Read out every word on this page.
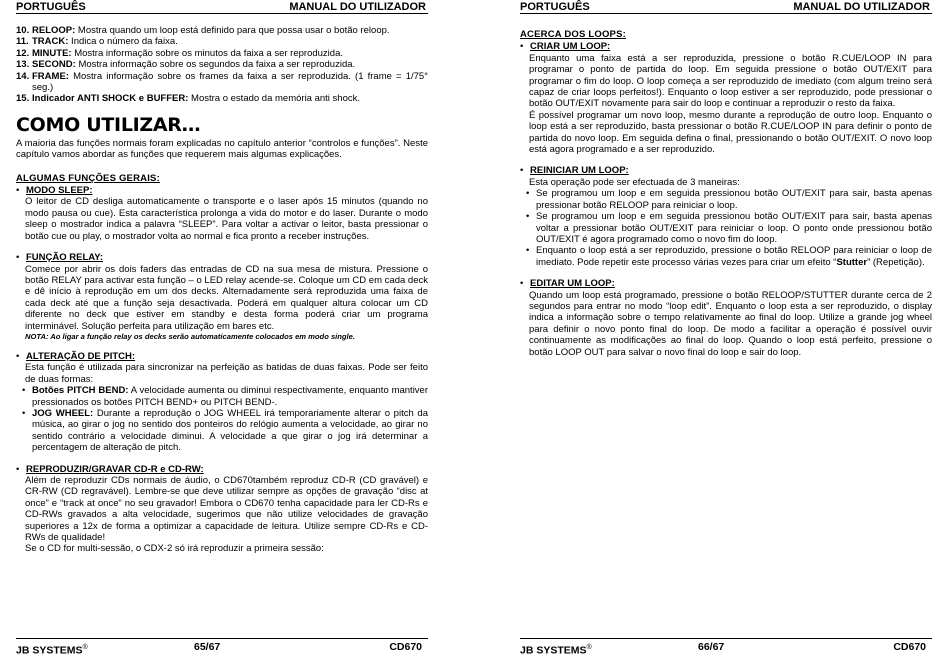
PORTUGUÊS	MANUAL DO UTILIZADOR
10. RELOOP: Mostra quando um loop está definido para que possa usar o botão reloop.
11. TRACK: Indica o número da faixa.
12. MINUTE: Mostra informação sobre os minutos da faixa a ser reproduzida.
13. SECOND: Mostra informação sobre os segundos da faixa a ser reproduzida.
14. FRAME: Mostra informação sobre os frames da faixa a ser reproduzida. (1 frame = 1/75° seg.)
15. Indicador ANTI SHOCK e BUFFER: Mostra o estado da memória anti shock.
COMO UTILIZAR…

A maioria das funções normais foram explicadas no capítulo anterior “controlos e funções”. Neste capítulo vamos abordar as funções que requerem mais algumas explicações.

ALGUMAS FUNÇÕES GERAIS:
• MODO SLEEP:

O leitor de CD desliga automaticamente o transporte e o laser após 15 minutos (quando no modo pausa ou cue). Esta característica prolonga a vida do motor e do laser. Durante o modo sleep o mostrador indica a palavra “SLEEP”. Para voltar a activar o leitor, basta pressionar o botão cue ou play, o mostrador volta ao normal e fica pronto a receber instruções.

• FUNÇÃO RELAY:

Comece por abrir os dois faders das entradas de CD na sua mesa de mistura. Pressione o botão RELAY para activar esta função – o LED relay acende-se. Coloque um CD em cada deck e dê início à reprodução em um dos decks. Alternadamente será reproduzida uma faixa de cada deck até que a função seja desactivada. Poderá em qualquer altura colocar um CD diferente no deck que estiver em standby e desta forma poderá criar um programa interminável. Solução perfeita para utilização em bares etc.

NOTA: Ao ligar a função relay os decks serão automaticamente colocados em modo single.

• ALTERAÇÃO DE PITCH:

Esta função é utilizada para sincronizar na perfeição as batidas de duas faixas. Pode ser feito de duas formas:

• Botões PITCH BEND: A velocidade aumenta ou diminui respectivamente, enquanto mantiver pressionados os botões PITCH BEND+ ou PITCH BEND-.
• JOG WHEEL: Durante a reprodução o JOG WHEEL irá temporariamente alterar o pitch da música, ao girar o jog no sentido dos ponteiros do relógio aumenta a velocidade, ao girar no sentido contrário a velocidade diminui. A velocidade a que girar o jog irá determinar a percentagem de alteração de pitch.
• REPRODUZIR/GRAVAR CD-R e CD-RW:

Além de reproduzir CDs normais de áudio, o CD670também reproduz CD-R (CD gravável) e CR-RW (CD regravável). Lembre-se que deve utilizar sempre as opções de gravação “disc at once” e “track at once” no seu gravador! Embora o CD670 tenha capacidade para ler CD-Rs e CD-RWs gravados a alta velocidade, sugerimos que não utilize velocidades de gravação superiores a 12x de forma a optimizar a capacidade de leitura. Utilize sempre CD-Rs e CD-RWs de qualidade!

Se o CD for multi-sessão, o CDX-2 só irá reproduzir a primeira sessão:

JB SYSTEMS®	65/67	CD670
PORTUGUÊS	MANUAL DO UTILIZADOR
ACERCA DOS LOOPS:
• CRIAR UM LOOP:

Enquanto uma faixa está a ser reproduzida, pressione o botão R.CUE/LOOP IN para programar o ponto de partida do loop. Em seguida pressione o botão OUT/EXIT para programar o fim do loop. O loop começa a ser reproduzido de imediato (com algum treino será capaz de criar loops perfeitos!). Enquanto o loop estiver a ser reproduzido, pode pressionar o botão OUT/EXIT novamente para sair do loop e continuar a reproduzir o resto da faixa.

É possível programar um novo loop, mesmo durante a reprodução de outro loop. Enquanto o loop está a ser reproduzido, basta pressionar o botão R.CUE/LOOP IN para definir o ponto de partida do novo loop. Em seguida defina o final, pressionando o botão OUT/EXIT. O novo loop está agora programado e a ser reproduzido.

• REINICIAR UM LOOP:

Esta operação pode ser efectuada de 3 maneiras:

• Se programou um loop e em seguida pressionou botão OUT/EXIT para sair, basta apenas pressionar botão RELOOP para reiniciar o loop.
• Se programou um loop e em seguida pressionou botão OUT/EXIT para sair, basta apenas voltar a pressionar botão OUT/EXIT para reiniciar o loop. O ponto onde pressionou botão OUT/EXIT é agora programado como o novo fim do loop.
• Enquanto o loop está a ser reproduzido, pressione o botão RELOOP para reiniciar o loop de imediato. Pode repetir este processo várias vezes para criar um efeito “Stutter” (Repetição).
• EDITAR UM LOOP:

Quando um loop está programado, pressione o botão RELOOP/STUTTER durante cerca de 2 segundos para entrar no modo “loop edit”. Enquanto o loop esta a ser reproduzido, o display indica a informação sobre o tempo relativamente ao final do loop. Utilize a grande jog wheel para definir o novo ponto final do loop. De modo a facilitar a operação é possível ouvir continuamente as modificações ao final do loop. Quando o loop está perfeito, pressione o botão LOOP OUT para salvar o novo final do loop e sair do loop.

JB SYSTEMS®	66/67	CD670
